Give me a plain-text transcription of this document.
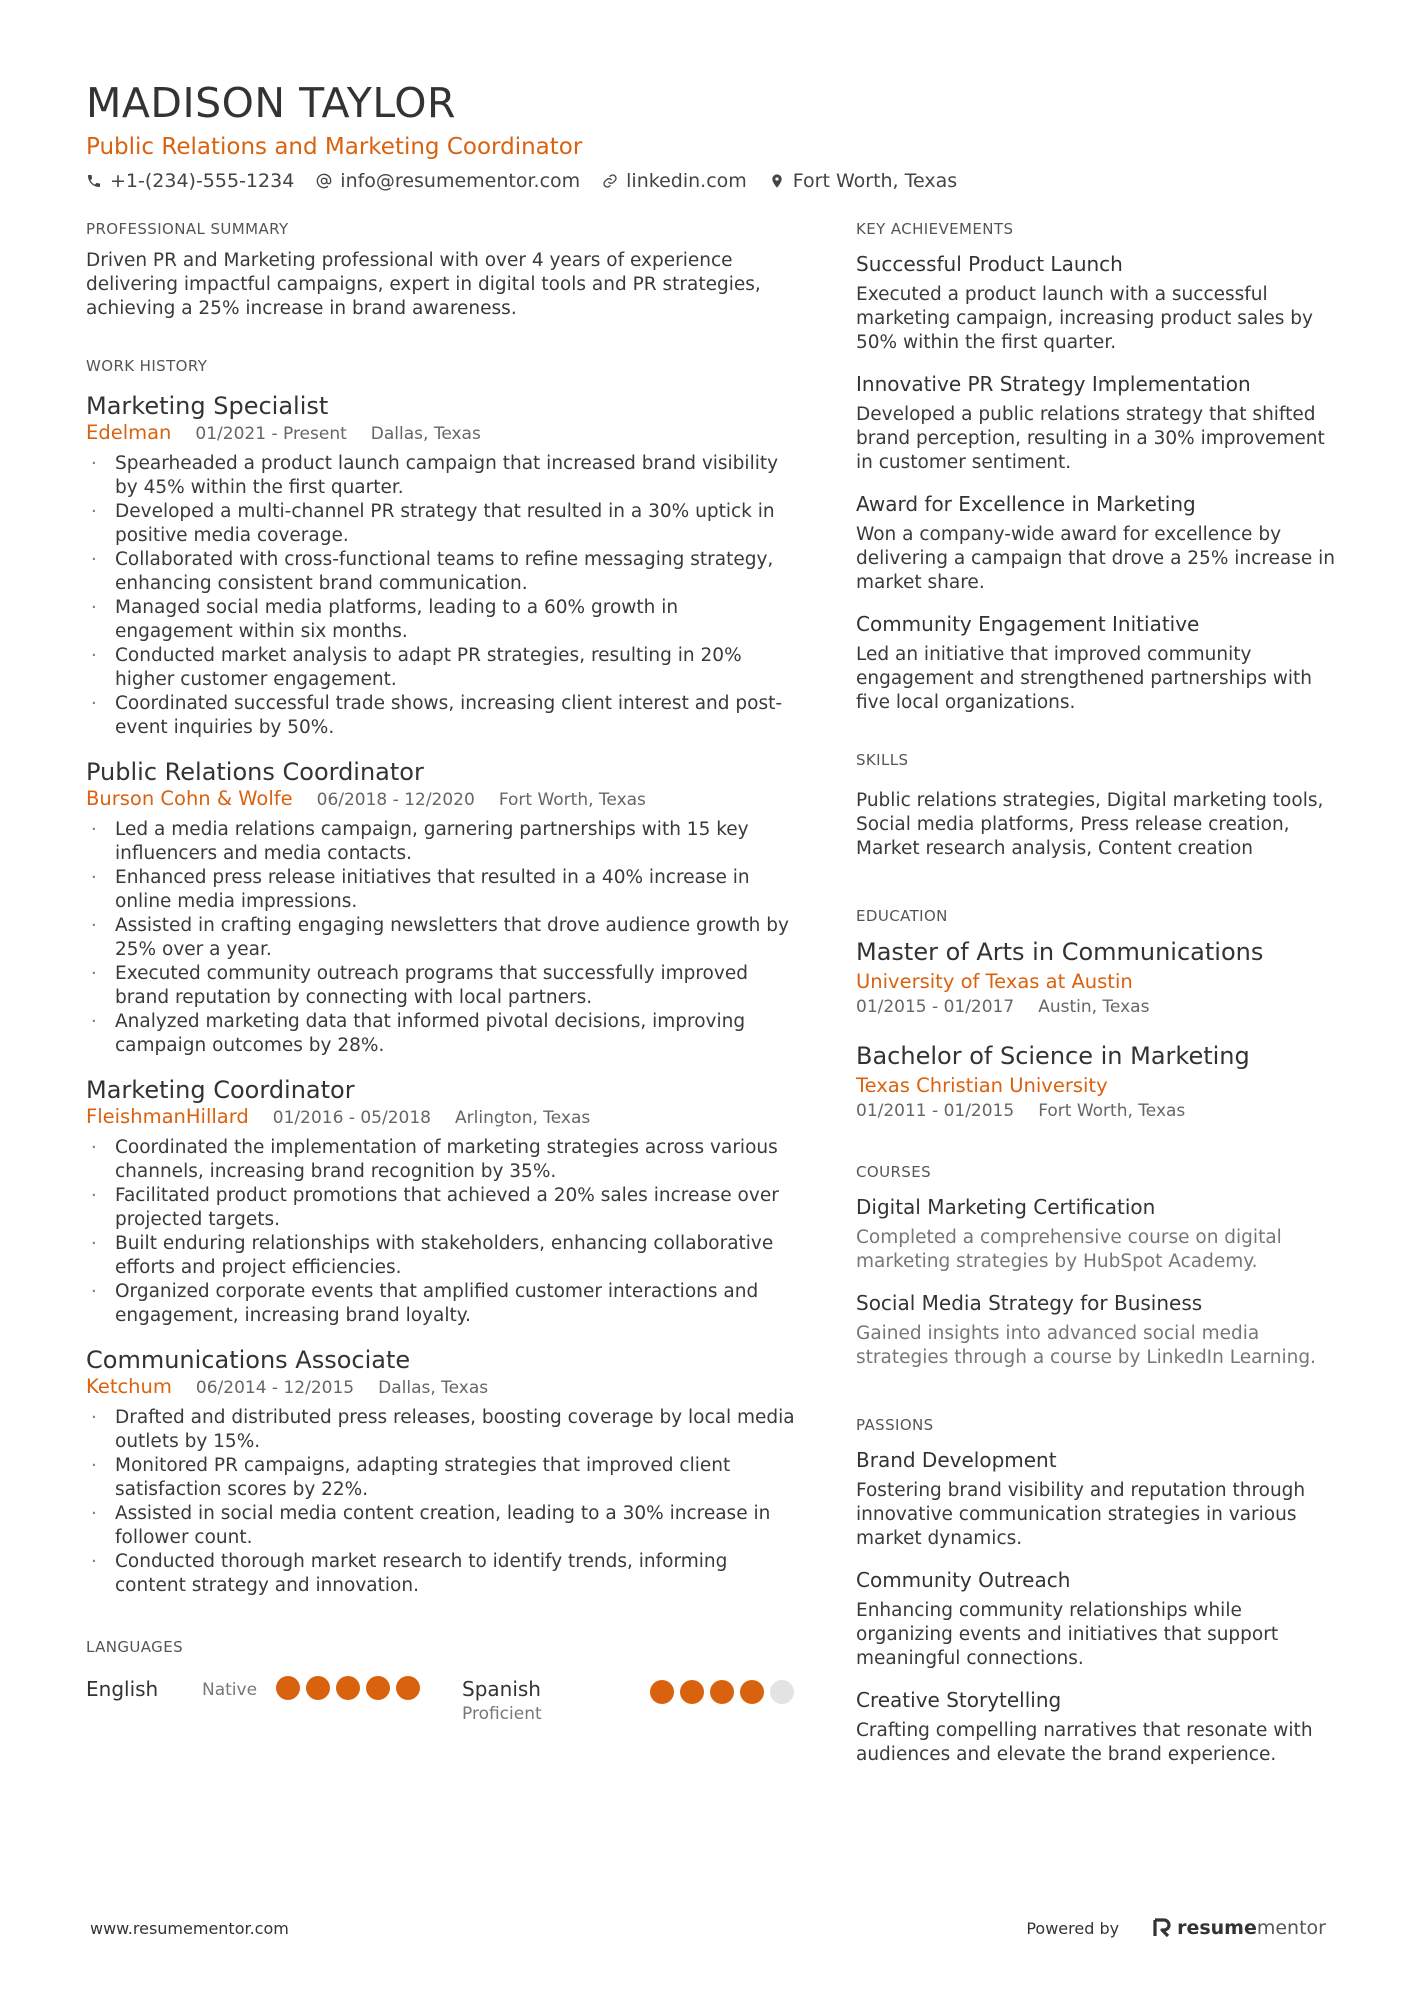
MADISON TAYLOR
Public Relations and Marketing Coordinator
+1-(234)-555-1234 info@resumementor.com linkedin.com Fort Worth, Texas
PROFESSIONAL SUMMARY
Driven PR and Marketing professional with over 4 years of experience delivering impactful campaigns, expert in digital tools and PR strategies, achieving a 25% increase in brand awareness.
WORK HISTORY
Marketing Specialist
Edelman 01/2021 - Present Dallas, Texas
· Spearheaded a product launch campaign that increased brand visibility by 45% within the first quarter.
· Developed a multi-channel PR strategy that resulted in a 30% uptick in positive media coverage.
· Collaborated with cross-functional teams to refine messaging strategy, enhancing consistent brand communication.
· Managed social media platforms, leading to a 60% growth in engagement within six months.
· Conducted market analysis to adapt PR strategies, resulting in 20% higher customer engagement.
· Coordinated successful trade shows, increasing client interest and post-event inquiries by 50%.
Public Relations Coordinator
Burson Cohn & Wolfe 06/2018 - 12/2020 Fort Worth, Texas
· Led a media relations campaign, garnering partnerships with 15 key influencers and media contacts.
· Enhanced press release initiatives that resulted in a 40% increase in online media impressions.
· Assisted in crafting engaging newsletters that drove audience growth by 25% over a year.
· Executed community outreach programs that successfully improved brand reputation by connecting with local partners.
· Analyzed marketing data that informed pivotal decisions, improving campaign outcomes by 28%.
Marketing Coordinator
FleishmanHillard 01/2016 - 05/2018 Arlington, Texas
· Coordinated the implementation of marketing strategies across various channels, increasing brand recognition by 35%.
· Facilitated product promotions that achieved a 20% sales increase over projected targets.
· Built enduring relationships with stakeholders, enhancing collaborative efforts and project efficiencies.
· Organized corporate events that amplified customer interactions and engagement, increasing brand loyalty.
Communications Associate
Ketchum 06/2014 - 12/2015 Dallas, Texas
· Drafted and distributed press releases, boosting coverage by local media outlets by 15%.
· Monitored PR campaigns, adapting strategies that improved client satisfaction scores by 22%.
· Assisted in social media content creation, leading to a 30% increase in follower count.
· Conducted thorough market research to identify trends, informing content strategy and innovation.
LANGUAGES
English	Native	Spanish
Proficient
KEY ACHIEVEMENTS
Successful Product Launch
Executed a product launch with a successful marketing campaign, increasing product sales by 50% within the first quarter.
Innovative PR Strategy Implementation
Developed a public relations strategy that shifted brand perception, resulting in a 30% improvement in customer sentiment.
Award for Excellence in Marketing
Won a company-wide award for excellence by delivering a campaign that drove a 25% increase in market share.
Community Engagement Initiative
Led an initiative that improved community engagement and strengthened partnerships with five local organizations.
SKILLS
Public relations strategies, Digital marketing tools, Social media platforms, Press release creation, Market research analysis, Content creation
EDUCATION
Master of Arts in Communications
University of Texas at Austin
01/2015 - 01/2017 Austin, Texas
Bachelor of Science in Marketing
Texas Christian University
01/2011 - 01/2015 Fort Worth, Texas
COURSES
Digital Marketing Certification
Completed a comprehensive course on digital marketing strategies by HubSpot Academy.
Social Media Strategy for Business
Gained insights into advanced social media strategies through a course by LinkedIn Learning.
PASSIONS
Brand Development
Fostering brand visibility and reputation through innovative communication strategies in various market dynamics.
Community Outreach
Enhancing community relationships while organizing events and initiatives that support meaningful connections.
Creative Storytelling
Crafting compelling narratives that resonate with audiences and elevate the brand experience.
www.resumementor.com	Powered by	resume mentor
